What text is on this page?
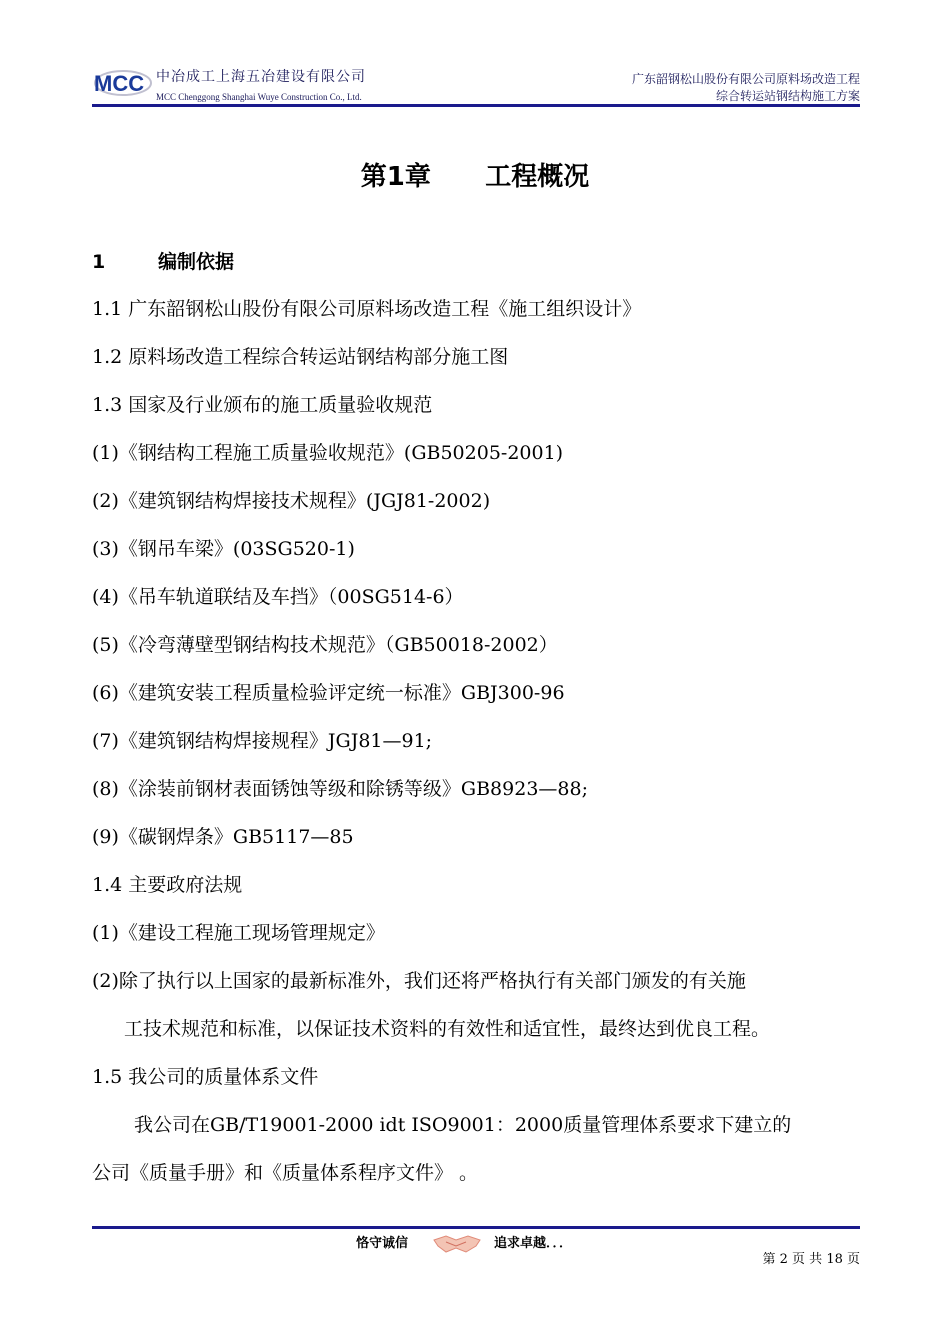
MCC 中冶成工上海五冶建设有限公司
MCC Chenggong Shanghai Wuye Construction Co., Ltd.
广东韶钢松山股份有限公司原料场改造工程
综合转运站钢结构施工方案
第1章      工程概况
1	编制依据
1.1 广东韶钢松山股份有限公司原料场改造工程《施工组织设计》
1.2 原料场改造工程综合转运站钢结构部分施工图
1.3 国家及行业颁布的施工质量验收规范
(1)《钢结构工程施工质量验收规范》(GB50205-2001)
(2)《建筑钢结构焊接技术规程》(JGJ81-2002)
(3)《钢吊车梁》(03SG520-1)
(4)《吊车轨道联结及车挡》（00SG514-6）
(5)《冷弯薄壁型钢结构技术规范》（GB50018-2002）
(6)《建筑安装工程质量检验评定统一标准》GBJ300-96
(7)《建筑钢结构焊接规程》JGJ81—91;
(8)《涂装前钢材表面锈蚀等级和除锈等级》GB8923—88;
(9)《碳钢焊条》GB5117—85
1.4 主要政府法规
(1)《建设工程施工现场管理规定》
(2)除了执行以上国家的最新标准外，我们还将严格执行有关部门颁发的有关施
工技术规范和标准，以保证技术资料的有效性和适宜性，最终达到优良工程。
1.5 我公司的质量体系文件
我公司在GB/T19001-2000 idt ISO9001：2000质量管理体系要求下建立的
公司《质量手册》和《质量体系程序文件》 。
恪守诚信	追求卓越．．．
第 2 页 共 18 页
